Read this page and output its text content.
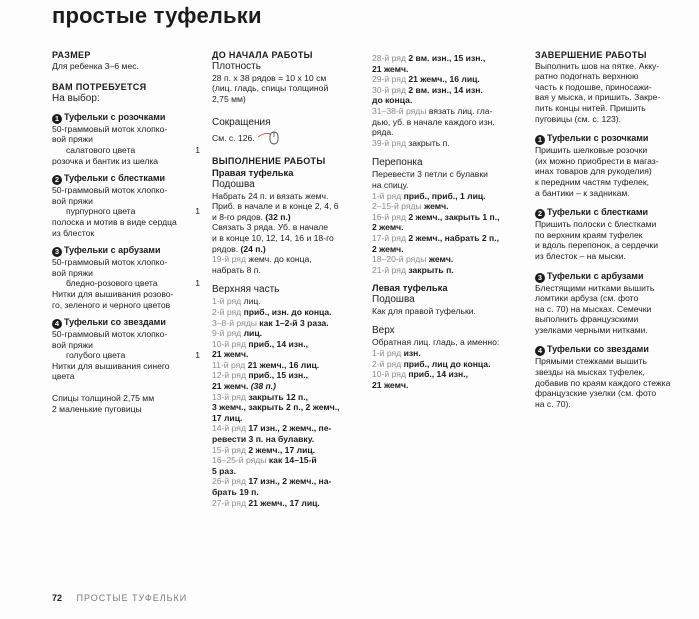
простые туфельки
РАЗМЕР
Для ребенка 3–6 мес.
ВАМ ПОТРЕБУЕТСЯ
На выбор:
1 Туфельки с розочками
50-граммовый моток хлопко-
вой пряжи
салатового цвета	1
розочка и бантик из шелка
2 Туфельки с блестками
50-граммовый моток хлопко-
вой пряжи
пурпурного цвета	1
полоска и мотив в виде сердца
из блесток
3 Туфельки с арбузами
50-граммовый моток хлопко-
вой пряжи
бледно-розового цвета	1
Нитки для вышивания розово-
го, зеленого и черного цветов
4 Туфельки со звездами
50-граммовый моток хлопко-
вой пряжи
голубого цвета	1
Нитки для вышивания синего
цвета
Спицы толщиной 2,75 мм
2 маленькие пуговицы
ДО НАЧАЛА РАБОТЫ
Плотность
28 п. х 38 рядов = 10 х 10 см
(лиц. гладь, спицы толщиной
2,75 мм)
Сокращения
См. с. 126.
ВЫПОЛНЕНИЕ РАБОТЫ
Правая туфелька
Подошва
Набрать 24 п. и вязать жемч.
Приб. в начале и в конце 2, 4, 6
и 8-го рядов. (32 п.)
Связать 3 ряда. Уб. в начале
и в конце 10, 12, 14, 16 и 18-го
рядов. (24 п.)
19-й ряд жемч. до конца,
набрать 8 п.
Верхняя часть
1-й ряд лиц.
2-й ряд приб., изн. до конца.
3–8-й ряды как 1–2-й 3 раза.
9-й ряд лиц.
10-й ряд приб., 14 изн.,
21 жемч.
11-й ряд 21 жемч., 16 лиц.
12-й ряд приб., 15 изн.,
21 жемч. (38 п.)
13-й ряд закрыть 12 п.,
3 жемч., закрыть 2 п., 2 жемч.,
17 лиц.
14-й ряд 17 изн., 2 жемч., пе-
ревести 3 п. на булавку.
15-й ряд 2 жемч., 17 лиц.
16–25-й ряды как 14–15-й
5 раз.
26-й ряд 17 изн., 2 жемч., на-
брать 19 п.
27-й ряд 21 жемч., 17 лиц.
28-й ряд 2 вм. изн., 15 изн.,
21 жемч.
29-й ряд 21 жемч., 16 лиц.
30-й ряд 2 вм. изн., 14 изн.
до конца.
31–38-й ряды вязать лиц. гла-
дью, уб. в начале каждого изн.
ряда.
39-й ряд закрыть п.
Перепонка
Перевести 3 петли с булавки
на спицу.
1-й ряд приб., приб., 1 лиц.
2–15-й ряды жемч.
16-й ряд 2 жемч., закрыть 1 п.,
2 жемч.
17-й ряд 2 жемч., набрать 2 п.,
2 жемч.
18–20-й ряды жемч.
21-й ряд закрыть п.
Левая туфелька
Подошва
Как для правой туфельки.
Верх
Обратная лиц. гладь, а именно:
1-й ряд изн.
2-й ряд приб., лиц до конца.
10-й ряд приб., 14 изн.,
21 жемч.
ЗАВЕРШЕНИЕ РАБОТЫ
Выполнить шов на пятке. Акку-
ратно подогнать верхнюю
часть к подошве, приносажи-
вая у мыска, и пришить. Закре-
пить концы нитей. Пришить
пуговицы (см. с. 123).
1 Туфельки с розочками
Пришить шелковые розочки
(их можно приобрести в магаз-
инах товаров для рукоделия)
к передним частям туфелек,
а бантики – к задникам.
2 Туфельки с блестками
Пришить полоски с блестками
по верхним краям туфелек
и вдоль перепонок, а сердечки
из блесток – на мыски.
3 Туфельки с арбузами
Блестящими нитками вышить
ломтики арбуза (см. фото
на с. 70) на мысках. Семечки
выполнить французскими
узелками черными нитками.
4 Туфельки со звездами
Прямыми стежками вышить
звезды на мысках туфелек,
добавив по краям каждого стежка
французские узелки (см. фото
на с. 70).
72 ПРОСТЫЕ ТУФЕЛЬКИ
